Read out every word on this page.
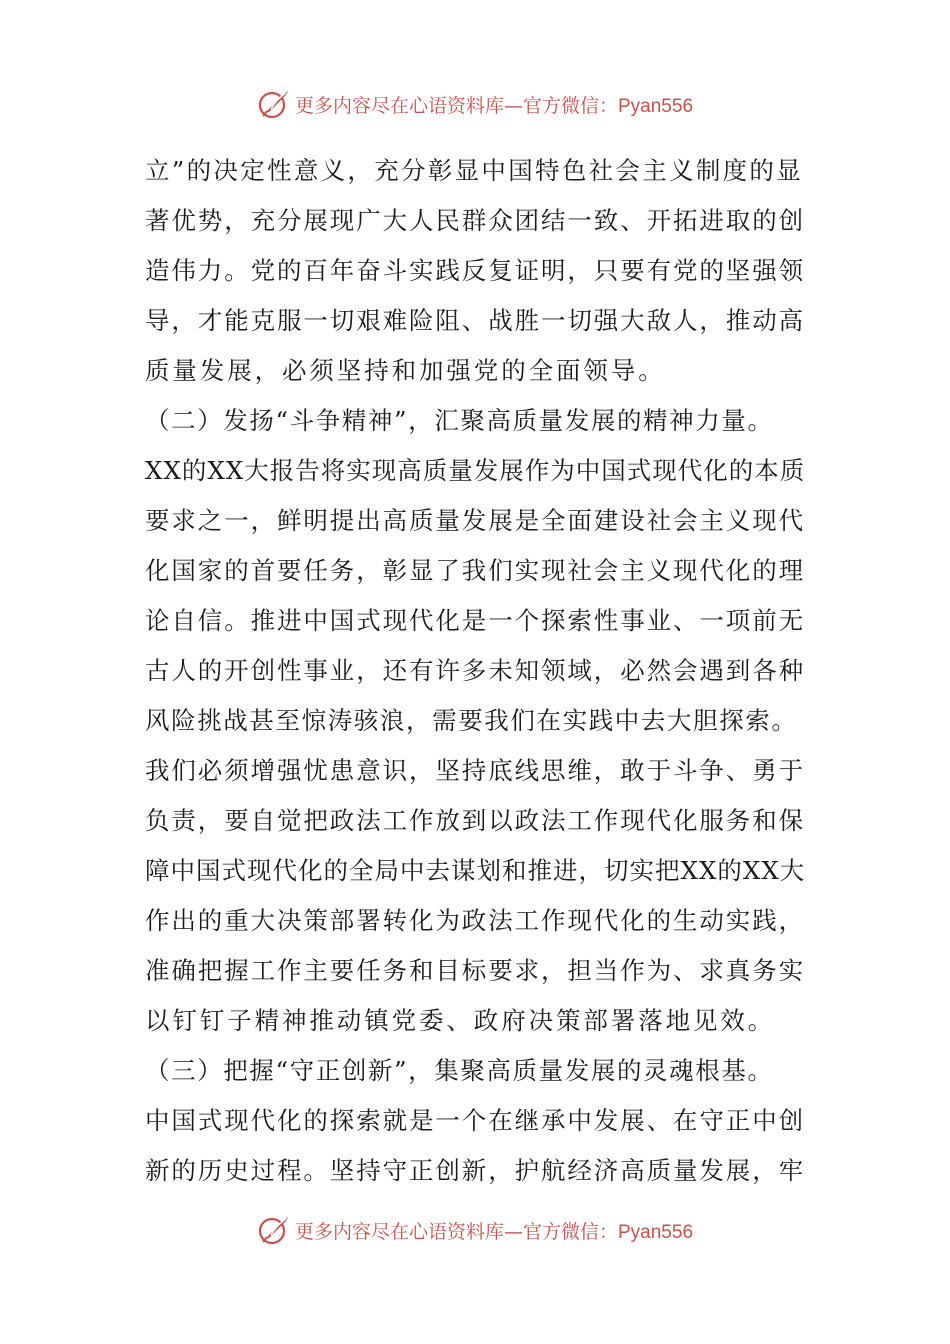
更多内容尽在心语资料库—官方微信：Pyan556
立”的决定性意义，充分彰显中国特色社会主义制度的显
著优势，充分展现广大人民群众团结一致、开拓进取的创
造伟力。党的百年奋斗实践反复证明，只要有党的坚强领
导，才能克服一切艰难险阻、战胜一切强大敌人，推动高
质量发展，必须坚持和加强党的全面领导。
（二）发扬“斗争精神”，汇聚高质量发展的精神力量。
XX的XX大报告将实现高质量发展作为中国式现代化的本质
要求之一，鲜明提出高质量发展是全面建设社会主义现代
化国家的首要任务，彰显了我们实现社会主义现代化的理
论自信。推进中国式现代化是一个探索性事业、一项前无
古人的开创性事业，还有许多未知领域，必然会遇到各种
风险挑战甚至惊涛骇浪，需要我们在实践中去大胆探索。
我们必须增强忧患意识，坚持底线思维，敢于斗争、勇于
负责，要自觉把政法工作放到以政法工作现代化服务和保
障中国式现代化的全局中去谋划和推进，切实把XX的XX大
作出的重大决策部署转化为政法工作现代化的生动实践，
准确把握工作主要任务和目标要求，担当作为、求真务实
以钉钉子精神推动镇党委、政府决策部署落地见效。
（三）把握“守正创新”，集聚高质量发展的灵魂根基。
中国式现代化的探索就是一个在继承中发展、在守正中创
新的历史过程。坚持守正创新，护航经济高质量发展，牢
更多内容尽在心语资料库—官方微信：Pyan556
